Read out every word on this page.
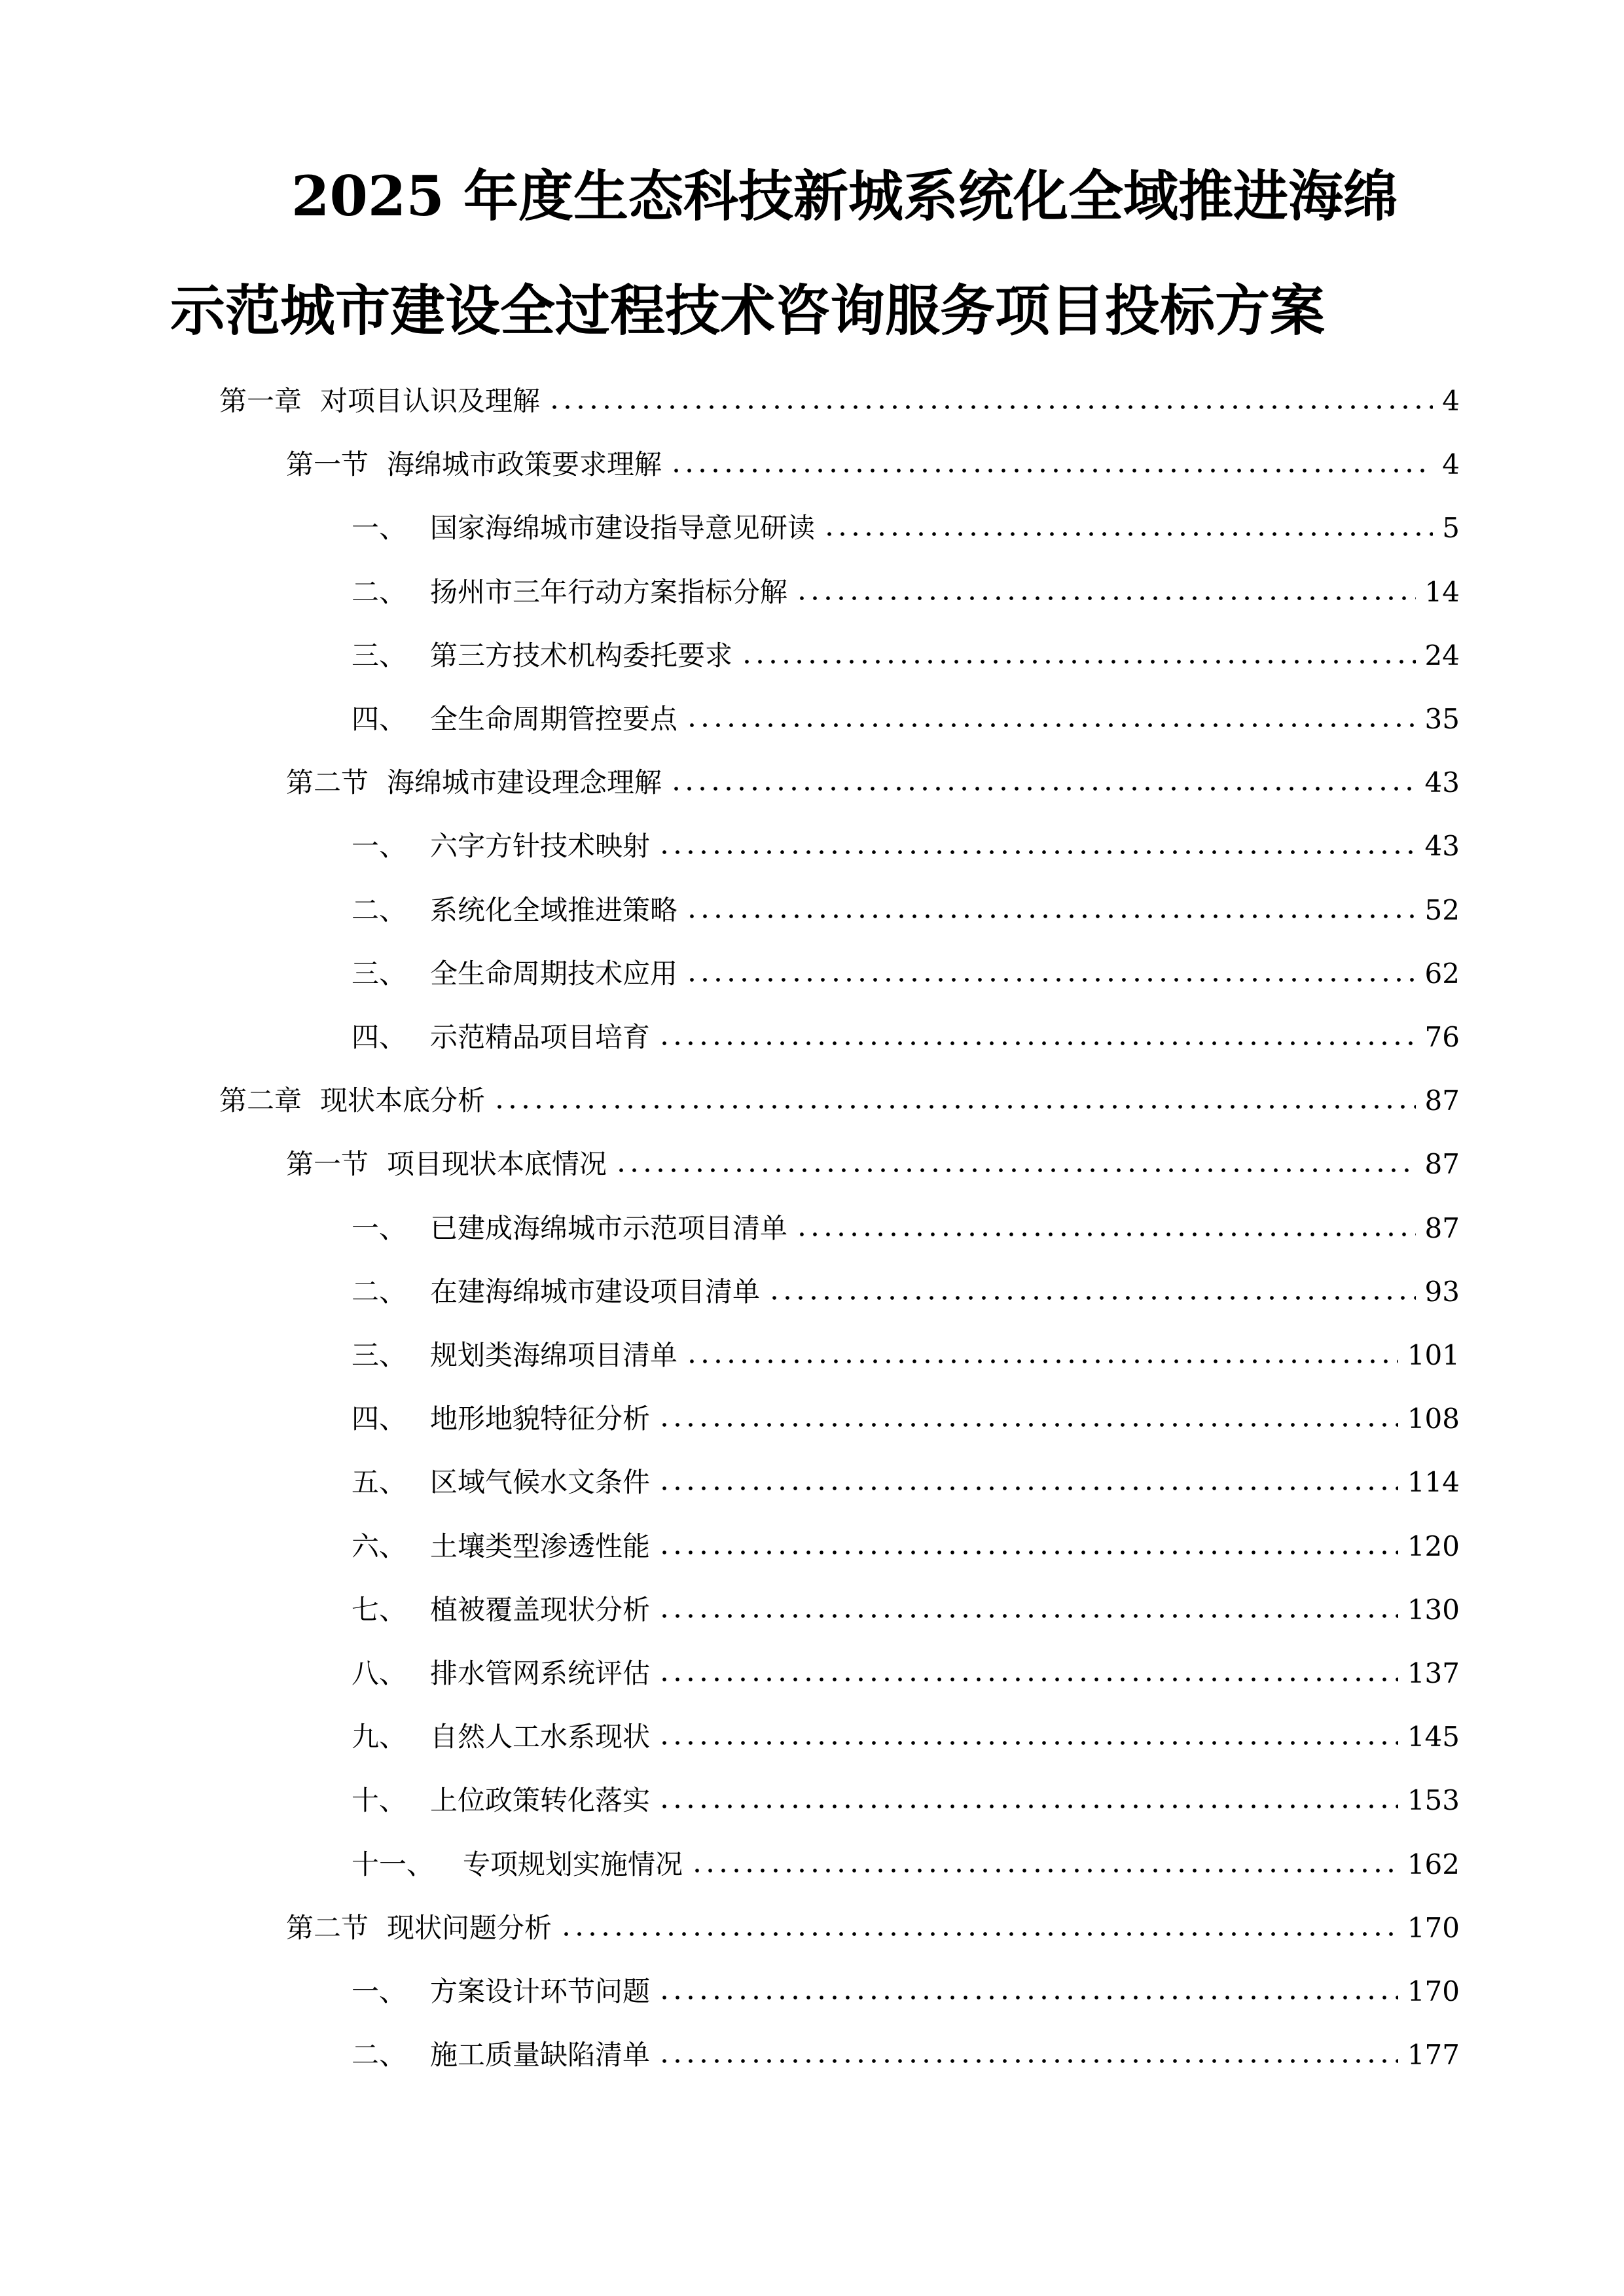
2025 年度生态科技新城系统化全域推进海绵
示范城市建设全过程技术咨询服务项目投标方案
第一章 对项目认识及理解	4
第一节 海绵城市政策要求理解	4
一、 国家海绵城市建设指导意见研读	5
二、 扬州市三年行动方案指标分解	14
三、 第三方技术机构委托要求	24
四、 全生命周期管控要点	35
第二节 海绵城市建设理念理解	43
一、 六字方针技术映射	43
二、 系统化全域推进策略	52
三、 全生命周期技术应用	62
四、 示范精品项目培育	76
第二章 现状本底分析	87
第一节 项目现状本底情况	87
一、 已建成海绵城市示范项目清单	87
二、 在建海绵城市建设项目清单	93
三、 规划类海绵项目清单	101
四、 地形地貌特征分析	108
五、 区域气候水文条件	114
六、 土壤类型渗透性能	120
七、 植被覆盖现状分析	130
八、 排水管网系统评估	137
九、 自然人工水系现状	145
十、 上位政策转化落实	153
十一、 专项规划实施情况	162
第二节 现状问题分析	170
一、 方案设计环节问题	170
二、 施工质量缺陷清单	177
